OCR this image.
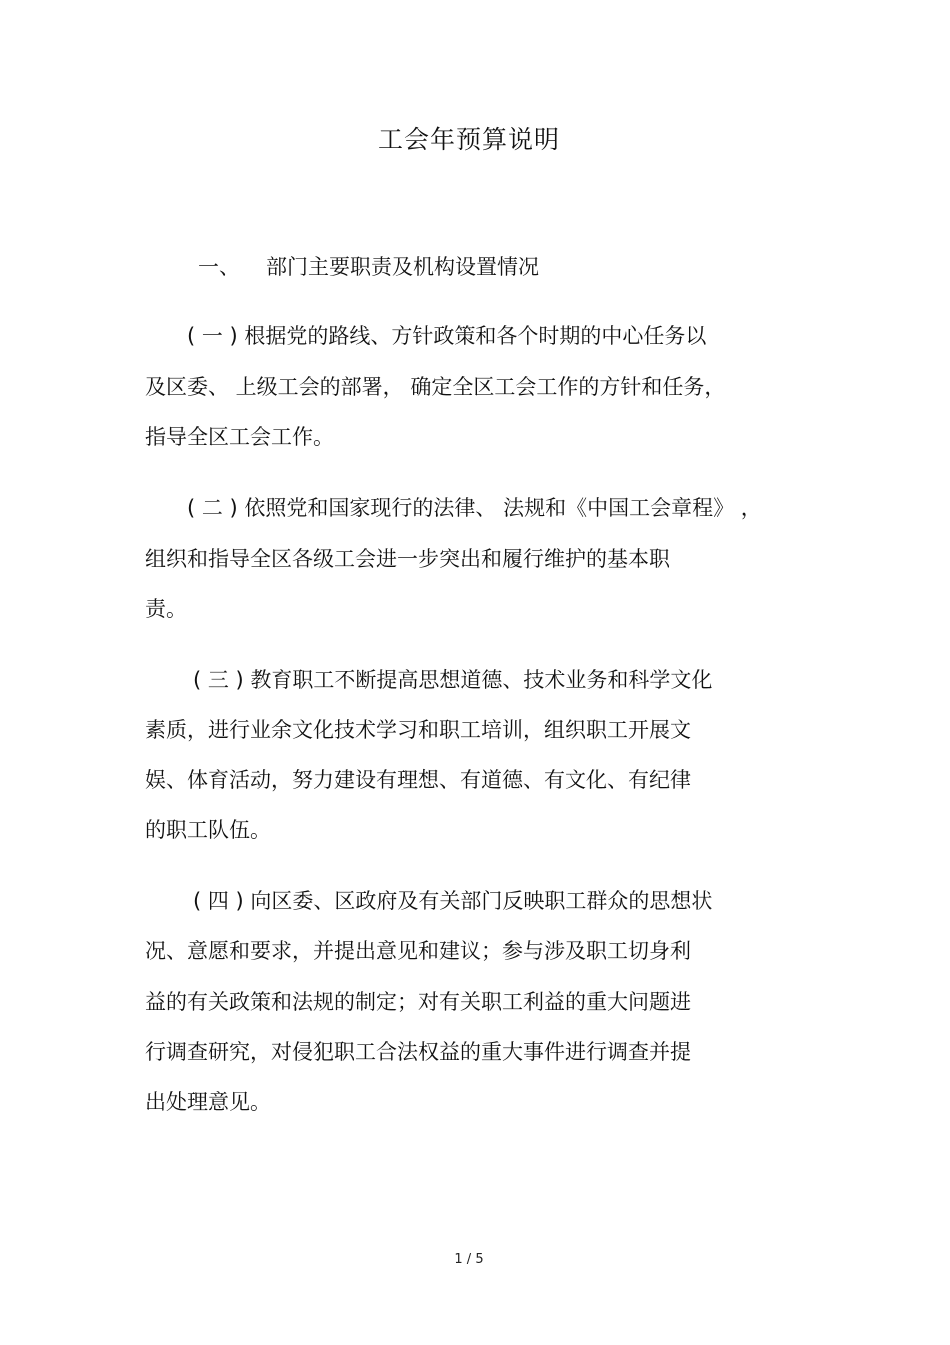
工会年预算说明
一、 部门主要职责及机构设置情况
( 一 ) 根据党的路线、方针政策和各个时期的中心任务以
及区委、 上级工会的部署， 确定全区工会工作的方针和任务，
指导全区工会工作。
( 二 ) 依照党和国家现行的法律、 法规和《中国工会章程》 ，
组织和指导全区各级工会进一步突出和履行维护的基本职
责。
( 三 ) 教育职工不断提高思想道德、技术业务和科学文化
素质，进行业余文化技术学习和职工培训，组织职工开展文
娱、体育活动，努力建设有理想、有道德、有文化、有纪律
的职工队伍。
( 四 ) 向区委、区政府及有关部门反映职工群众的思想状
况、意愿和要求，并提出意见和建议；参与涉及职工切身利
益的有关政策和法规的制定；对有关职工利益的重大问题进
行调查研究，对侵犯职工合法权益的重大事件进行调查并提
出处理意见。
1 / 5
